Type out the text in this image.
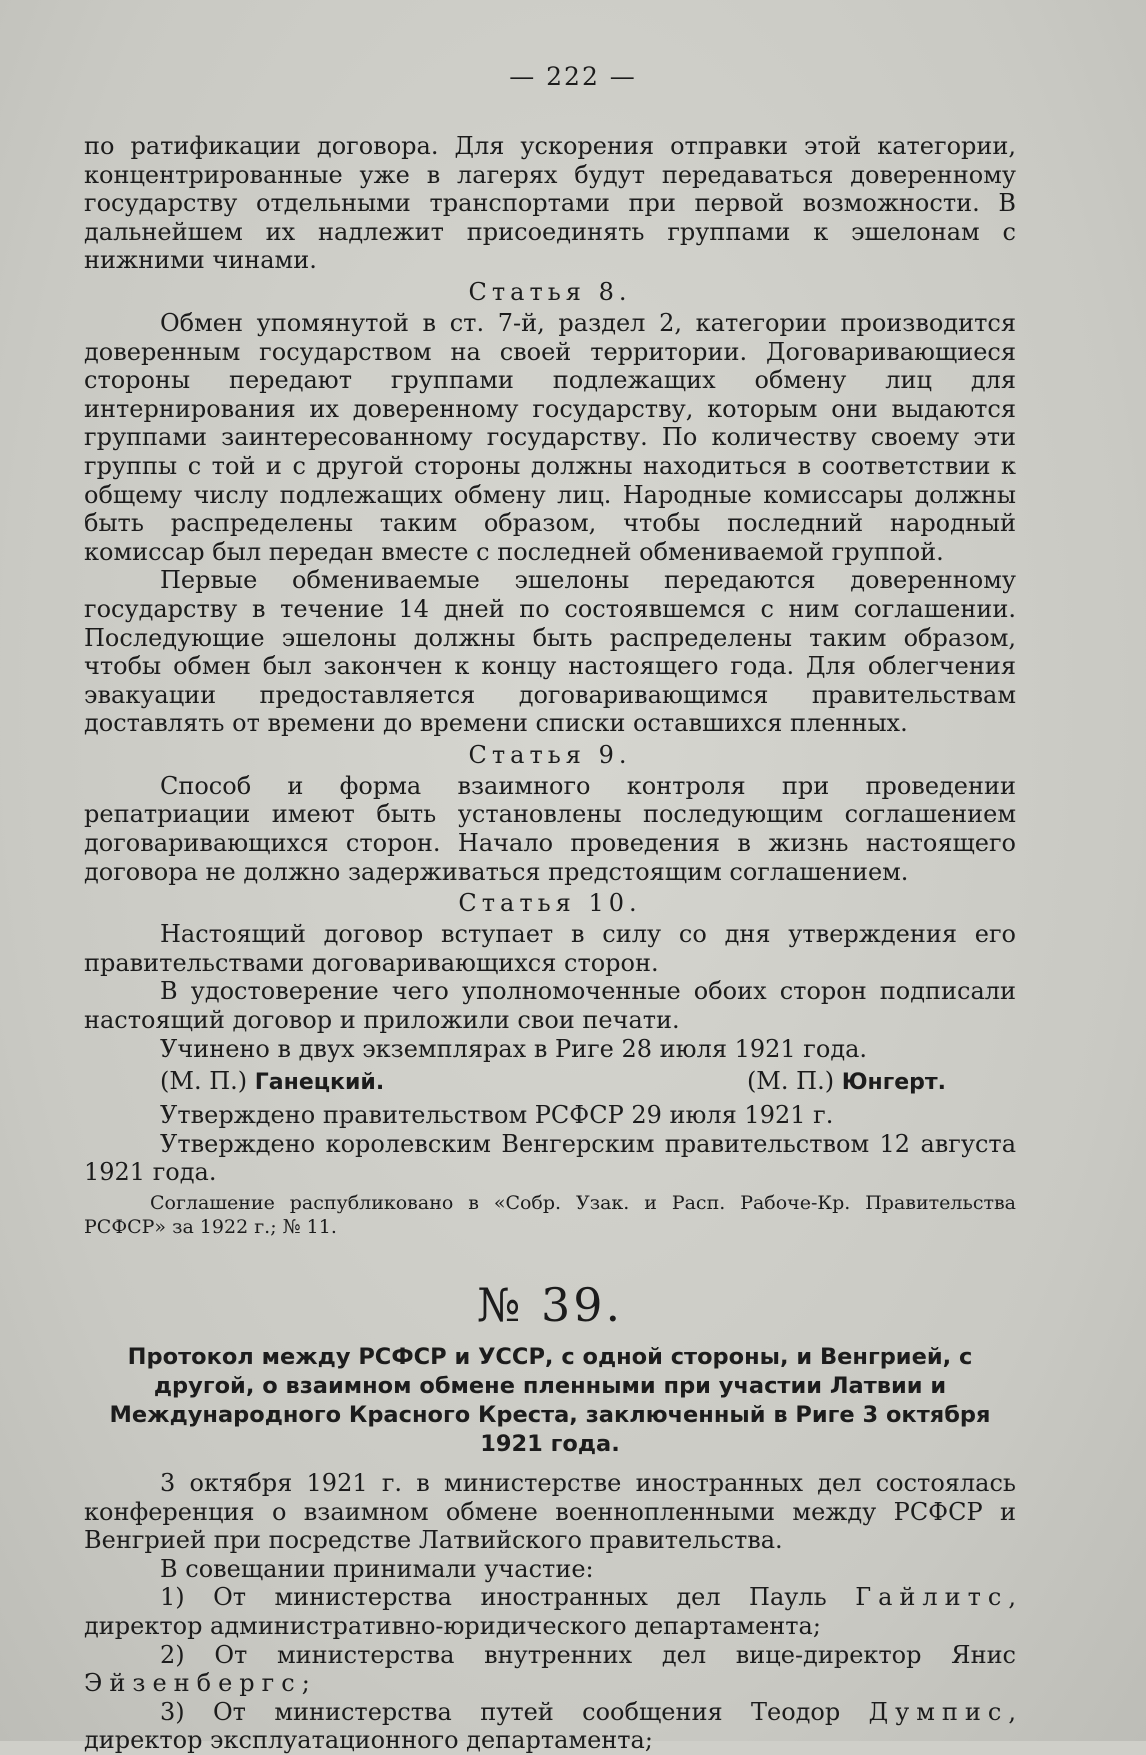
— 222 —

по ратификации договора. Для ускорения отправки этой категории, концентрированные уже в лагерях будут передаваться доверенному государству отдельными транспортами при первой возможности. В дальнейшем их надлежит присоединять группами к эшелонам с нижними чинами.

Статья 8.

Обмен упомянутой в ст. 7-й, раздел 2, категории производится доверенным государством на своей территории. Договаривающиеся стороны передают группами подлежащих обмену лиц для интернирования их доверенному государству, которым они выдаются группами заинтересованному государству. По количеству своему эти группы с той и с другой стороны должны находиться в соответствии к общему числу подлежащих обмену лиц. Народные комиссары должны быть распределены таким образом, чтобы последний народный комиссар был передан вместе с последней обмениваемой группой.

Первые обмениваемые эшелоны передаются доверенному государству в течение 14 дней по состоявшемся с ним соглашении. Последующие эшелоны должны быть распределены таким образом, чтобы обмен был закончен к концу настоящего года. Для облегчения эвакуации предоставляется договаривающимся правительствам доставлять от времени до времени списки оставшихся пленных.

Статья 9.

Способ и форма взаимного контроля при проведении репатриации имеют быть установлены последующим соглашением договаривающихся сторон. Начало проведения в жизнь настоящего договора не должно задерживаться предстоящим соглашением.

Статья 10.

Настоящий договор вступает в силу со дня утверждения его правительствами договаривающихся сторон.

В удостоверение чего уполномоченные обоих сторон подписали настоящий договор и приложили свои печати.

Учинено в двух экземплярах в Риге 28 июля 1921 года.

(М. П.) Ганецкий.	(М. П.) Юнгерт.

Утверждено правительством РСФСР 29 июля 1921 г.

Утверждено королевским Венгерским правительством 12 августа 1921 года.

Соглашение распубликовано в «Собр. Узак. и Расп. Рабоче-Кр. Правительства РСФСР» за 1922 г.; № 11.

№ 39.
Протокол между РСФСР и УССР, с одной стороны, и Венгрией, с другой, о взаимном обмене пленными при участии Латвии и Международного Красного Креста, заключенный в Риге 3 октября 1921 года.

3 октября 1921 г. в министерстве иностранных дел состоялась конференция о взаимном обмене военнопленными между РСФСР и Венгрией при посредстве Латвийского правительства.

В совещании принимали участие:

1) От министерства иностранных дел Пауль Гайлитс, директор административно-юридического департамента;

2) От министерства внутренних дел вице-директор Янис Эйзенбергс;

3) От министерства путей сообщения Теодор Думпис, директор эксплуатационного департамента;
